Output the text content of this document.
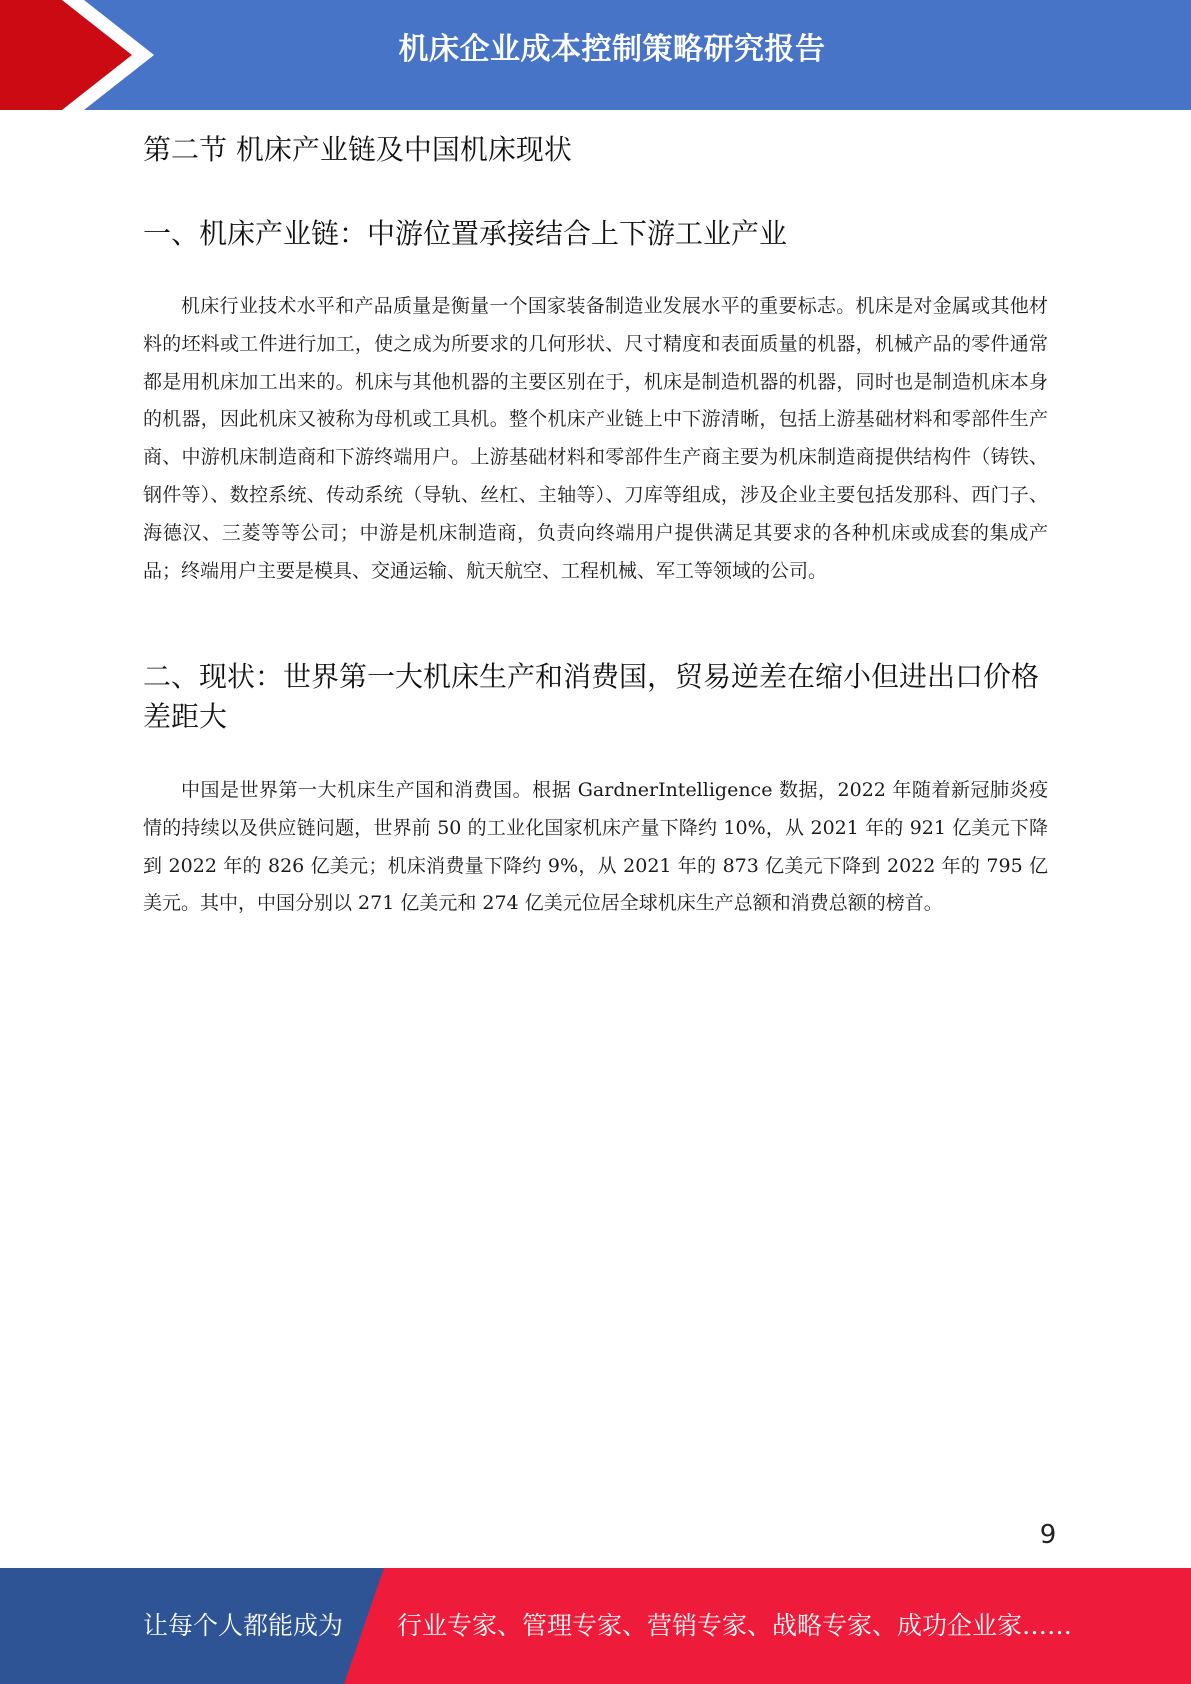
机床企业成本控制策略研究报告
第二节 机床产业链及中国机床现状
一、机床产业链：中游位置承接结合上下游工业产业

机床行业技术水平和产品质量是衡量一个国家装备制造业发展水平的重要标志。机床是对金属或其他材料的坯料或工件进行加工，使之成为所要求的几何形状、尺寸精度和表面质量的机器，机械产品的零件通常都是用机床加工出来的。机床与其他机器的主要区别在于，机床是制造机器的机器，同时也是制造机床本身的机器，因此机床又被称为母机或工具机。整个机床产业链上中下游清晰，包括上游基础材料和零部件生产商、中游机床制造商和下游终端用户。上游基础材料和零部件生产商主要为机床制造商提供结构件（铸铁、钢件等）、数控系统、传动系统（导轨、丝杠、主轴等）、刀库等组成，涉及企业主要包括发那科、西门子、海德汉、三菱等等公司；中游是机床制造商，负责向终端用户提供满足其要求的各种机床或成套的集成产品；终端用户主要是模具、交通运输、航天航空、工程机械、军工等领域的公司。

二、现状：世界第一大机床生产和消费国，贸易逆差在缩小但进出口价格差距大

中国是世界第一大机床生产国和消费国。根据 GardnerIntelligence 数据，2022 年随着新冠肺炎疫情的持续以及供应链问题，世界前 50 的工业化国家机床产量下降约 10%，从 2021 年的 921 亿美元下降到 2022 年的 826 亿美元；机床消费量下降约 9%，从 2021 年的 873 亿美元下降到 2022 年的 795 亿美元。其中，中国分别以 271 亿美元和 274 亿美元位居全球机床生产总额和消费总额的榜首。

9
让每个人都能成为 行业专家、管理专家、营销专家、战略专家、成功企业家……
